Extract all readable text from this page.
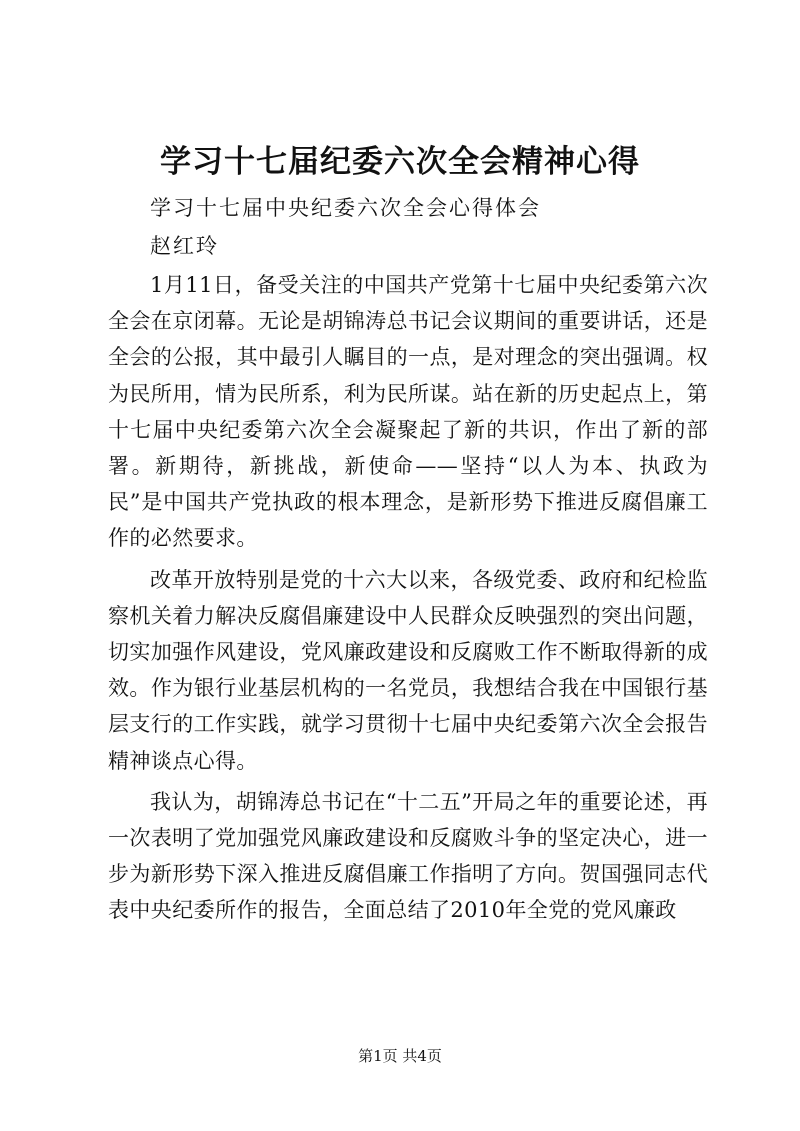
学习十七届纪委六次全会精神心得
学习十七届中央纪委六次全会心得体会
赵红玲

1月11日，备受关注的中国共产党第十七届中央纪委第六次全会在京闭幕。无论是胡锦涛总书记会议期间的重要讲话，还是全会的公报，其中最引人瞩目的一点，是对理念的突出强调。权为民所用，情为民所系，利为民所谋。站在新的历史起点上，第十七届中央纪委第六次全会凝聚起了新的共识，作出了新的部署。新期待，新挑战，新使命——坚持“以人为本、执政为民”是中国共产党执政的根本理念，是新形势下推进反腐倡廉工作的必然要求。

改革开放特别是党的十六大以来，各级党委、政府和纪检监察机关着力解决反腐倡廉建设中人民群众反映强烈的突出问题，切实加强作风建设，党风廉政建设和反腐败工作不断取得新的成效。作为银行业基层机构的一名党员，我想结合我在中国银行基层支行的工作实践，就学习贯彻十七届中央纪委第六次全会报告精神谈点心得。

我认为，胡锦涛总书记在“十二五”开局之年的重要论述，再一次表明了党加强党风廉政建设和反腐败斗争的坚定决心，进一步为新形势下深入推进反腐倡廉工作指明了方向。贺国强同志代表中央纪委所作的报告，全面总结了2010年全党的党风廉政

第1页 共4页
